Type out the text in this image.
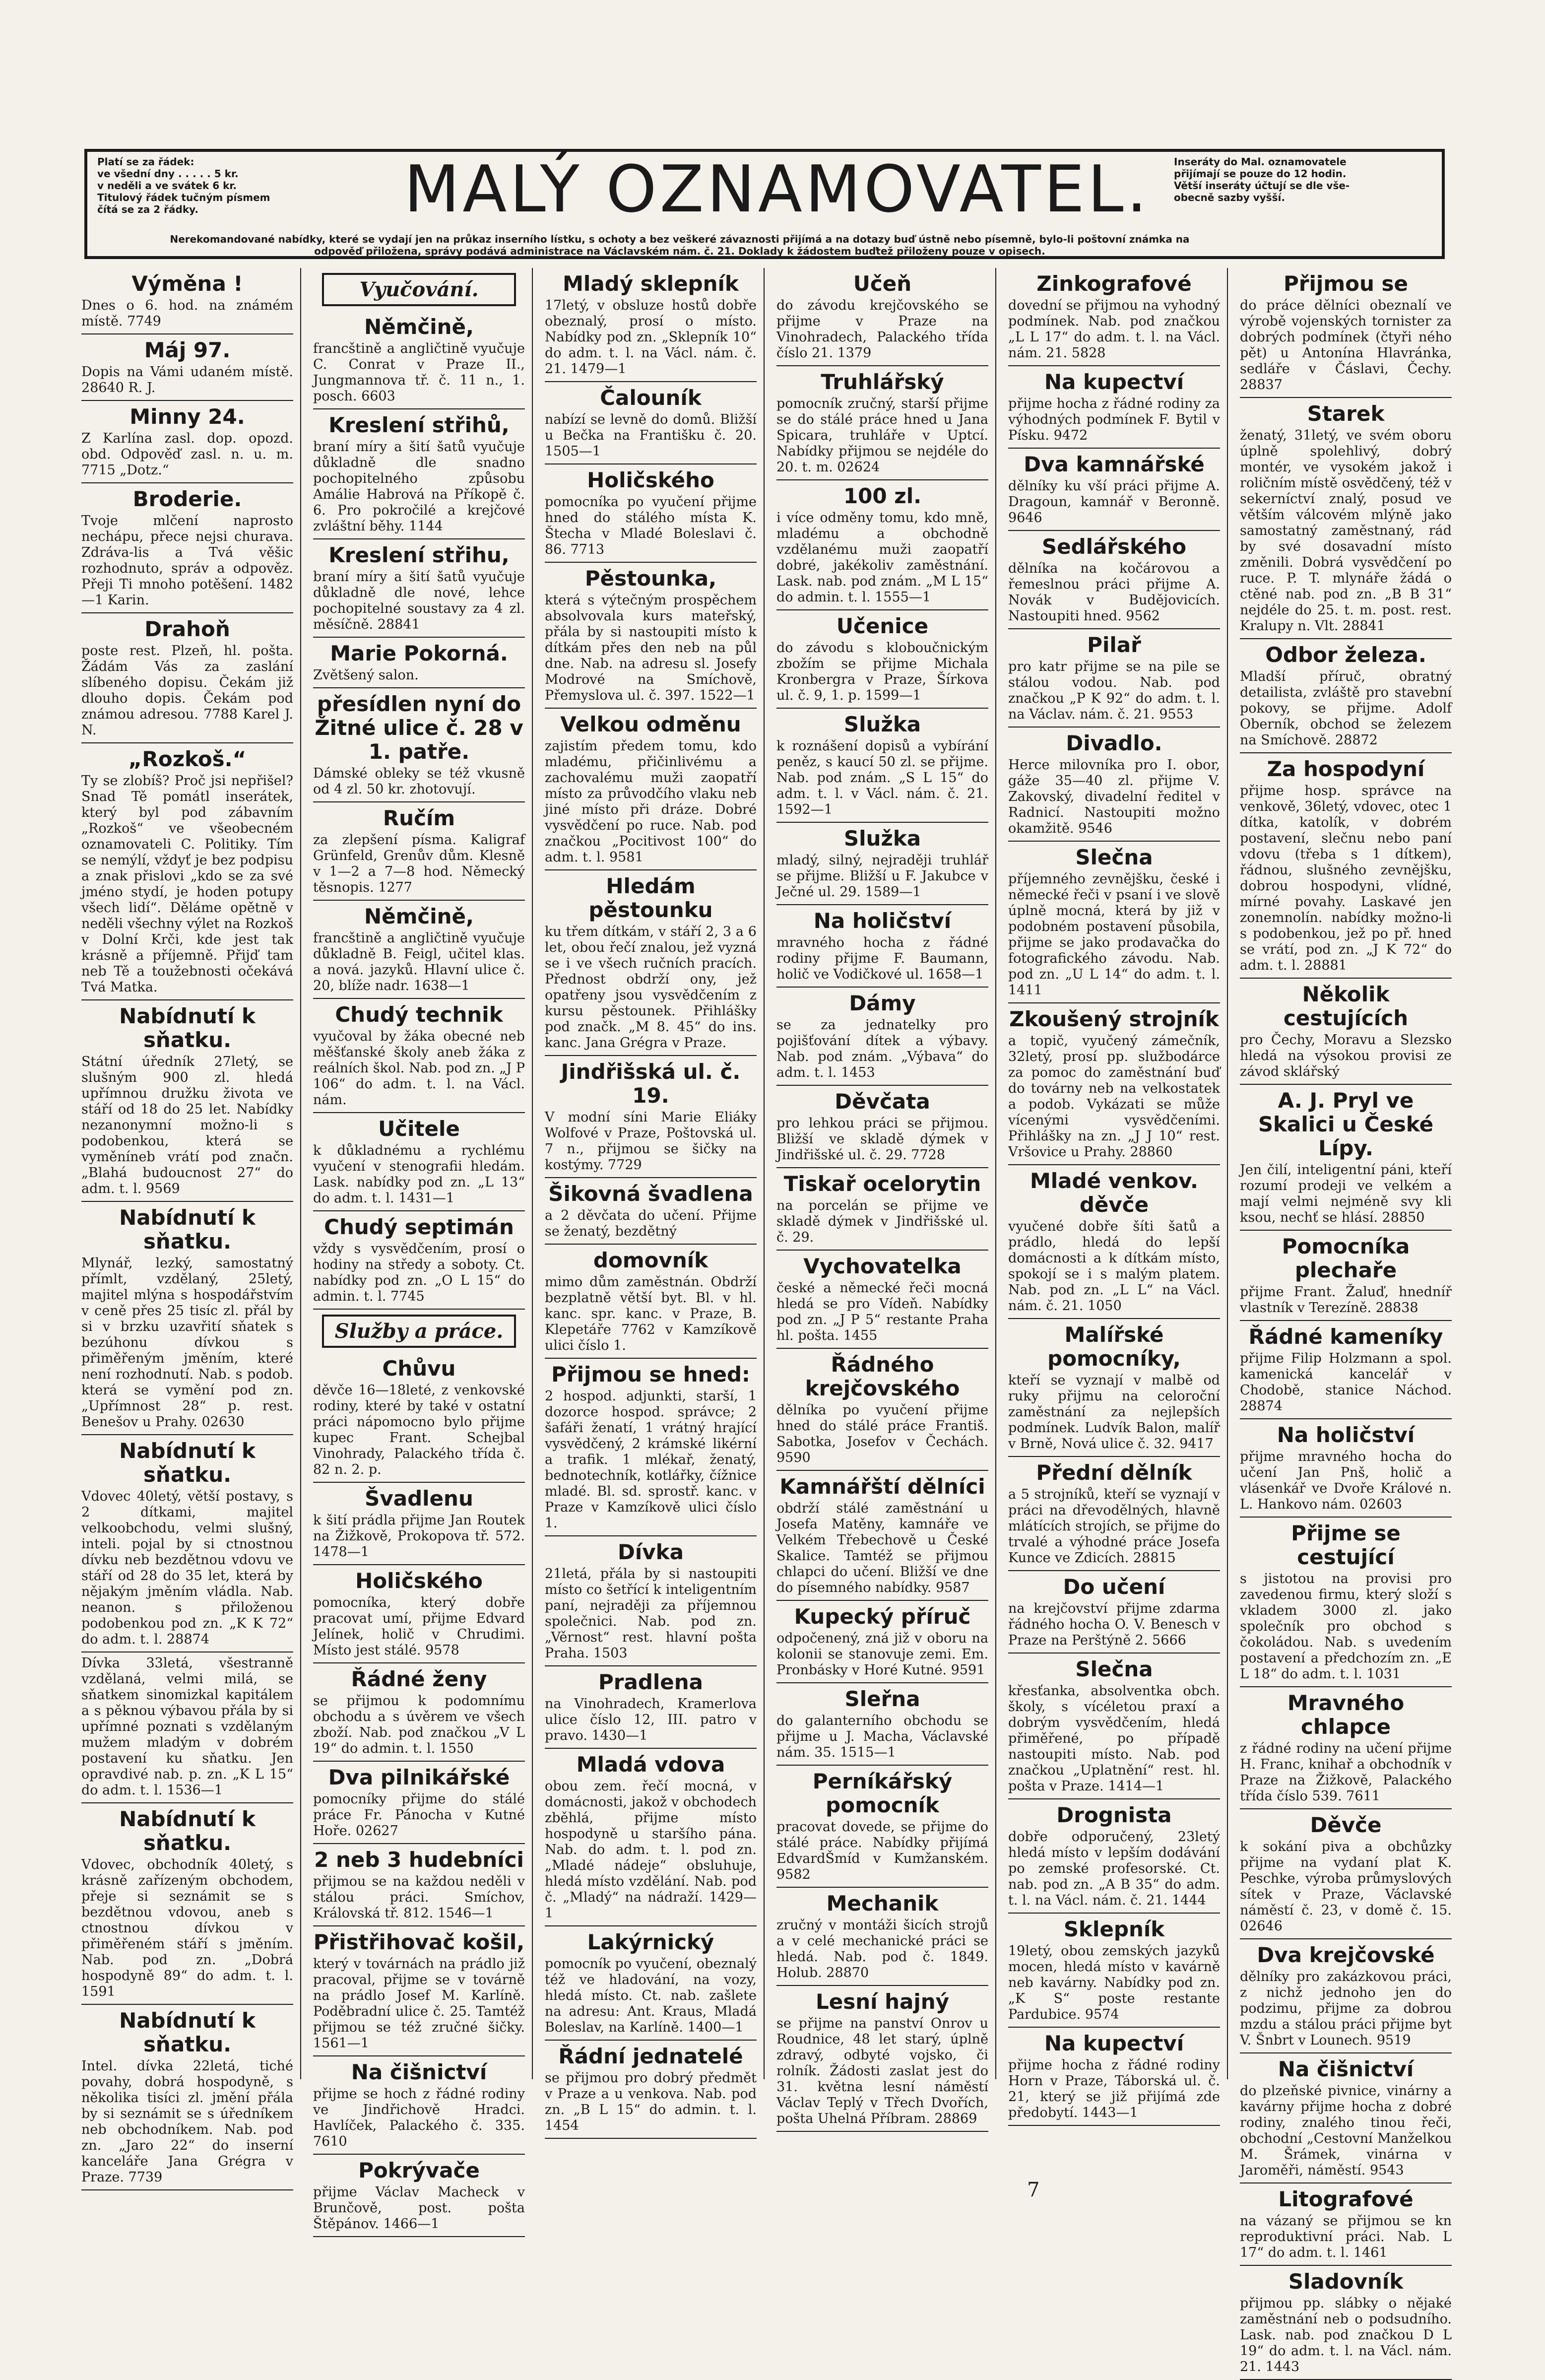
Platí se za řádek:
ve všední dny . . . . . 5 kr.
v neděli a ve svátek 6 kr.
Titulový řádek tučným písmem
čítá se za 2 řádky.	MALÝ OZNAMOVATEL.	Inseráty do Mal. oznamovatele
přijímají se pouze do 12 hodin.
Větší inseráty účtují se dle vše-
obecně sazby vyšší.

Nerekomandované nabídky, které se vydají jen na průkaz inserního lístku, s ochoty a bez veškeré závaznosti přijímá a na dotazy buď ústně nebo písemně, bylo-li poštovní známka na

odpověď přiložena, správy podává administrace na Václavském nám. č. 21. Doklady k žádostem buďtež přiloženy pouze v opisech.

Výměna !

Dnes o 6. hod. na známém místě. 7749

Máj 97.

Dopis na Vámi udaném místě. 28640 R. J.

Minny 24.

Z Karlína zasl. dop. opozd. obd. Odpověď zasl. n. u. m. 7715 „Dotz.“

Broderie.

Tvoje mlčení naprosto nechápu, přece nejsi churava. Zdráva-lis a Tvá věšic rozhodnuto, správ a odpověz. Přeji Ti mnoho potěšení. 1482—1 Karin.

Drahoň

poste rest. Plzeň, hl. pošta. Žádám Vás za zaslání slíbeného dopisu. Čekám již dlouho dopis. Čekám pod známou adresou. 7788 Karel J. N.

„Rozkoš.“

Ty se zlobíš? Proč jsi nepřišel? Snad Tě pomátl inserátek, který byl pod zábavním „Rozkoš“ ve všeobecném oznamovateli C. Politiky. Tím se nemýlí, vždyť je bez podpisu a znak přislovi „kdo se za své jméno stydí, je hoden potupy všech lidí“. Děláme opětně v neděli všechny výlet na Rozkoš v Dolní Krči, kde jest tak krásně a příjemně. Přijď tam neb Tě a toužebnosti očekává Tvá Matka.

Nabídnutí k sňatku.

Státní úředník 27letý, se slušným 900 zl. hledá upřímnou družku života ve stáří od 18 do 25 let. Nabídky nezanonymní možno-li s podobenkou, která se vyměníneb vrátí pod značn. „Blahá budoucnost 27“ do adm. t. l. 9569

Nabídnutí k sňatku.

Mlynář, lezký, samostatný přímlt, vzdělaný, 25letý, majitel mlýna s hospodářstvím v ceně přes 25 tisíc zl. přál by si v brzku uzavřití sňatek s bezúhonu dívkou s přiměřeným jměním, které není rozhodnutí. Nab. s podob. která se vymění pod zn. „Upřímnost 28“ p. rest. Benešov u Prahy. 02630

Nabídnutí k sňatku.

Vdovec 40letý, větší postavy, s 2 dítkami, majitel velkoobchodu, velmi slušný, inteli. pojal by si ctnostnou dívku neb bezdětnou vdovu ve stáří od 28 do 35 let, která by nějakým jměním vládla. Nab. neanon. s přiloženou podobenkou pod zn. „K K 72“ do adm. t. l. 28874

Dívka 33letá, všestranně vzdělaná, velmi milá, se sňatkem sinomizkal kapitálem a s pěknou výbavou přála by si upřímné poznati s vzdělaným mužem mladým v dobrém postavení ku sňatku. Jen opravdivé nab. p. zn. „K L 15“ do adm. t. l. 1536—1

Nabídnutí k sňatku.

Vdovec, obchodník 40letý, s krásně zařízeným obchodem, přeje si seznámit se s bezdětnou vdovou, aneb s ctnostnou dívkou v přiměřeném stáří s jměním. Nab. pod zn. „Dobrá hospodyně 89“ do adm. t. l. 1591

Nabídnutí k sňatku.

Intel. dívka 22letá, tiché povahy, dobrá hospodyně, s několika tisíci zl. jmění přála by si seznámit se s úředníkem neb obchodníkem. Nab. pod zn. „Jaro 22“ do inserní kanceláře Jana Grégra v Praze. 7739

Vyučování.
Němčině,

francštině a angličtině vyučuje C. Conrat v Praze II., Jungmannova tř. č. 11 n., 1. posch. 6603

Kreslení střihů,

braní míry a šití šatů vyučuje důkladně dle snadno pochopitelného způsobu Amálie Habrová na Příkopě č. 6. Pro pokročilé a krejčové zvláštní běhy. 1144

Kreslení střihu,

braní míry a šití šatů vyučuje důkladně dle nové, lehce pochopitelné soustavy za 4 zl. měsíčně. 28841

Marie Pokorná.

Zvětšený salon.

přesídlen nyní do Žitné ulice č. 28 v 1. patře.

Dámské obleky se též vkusně od 4 zl. 50 kr. zhotovují.

Ručím

za zlepšení písma. Kaligraf Grünfeld, Grenův dům. Klesně v 1—2 a 7—8 hod. Německý těsnopis. 1277

Němčině,

francštině a angličtině vyučuje důkladně B. Feigl, učitel klas. a nová. jazyků. Hlavní ulice č. 20, blíže nadr. 1638—1

Chudý technik

vyučoval by žáka obecné neb měšťanské školy aneb žáka z reálních škol. Nab. pod zn. „J P 106“ do adm. t. l. na Václ. nám.

Učitele

k důkladnému a rychlému vyučení v stenografii hledám. Lask. nabídky pod zn. „L 13“ do adm. t. l. 1431—1

Chudý septimán

vždy s vysvědčením, prosí o hodiny na středy a soboty. Ct. nabídky pod zn. „O L 15“ do admin. t. l. 7745

Služby a práce.
Chůvu

děvče 16—18leté, z venkovské rodiny, které by také v ostatní práci nápomocno bylo přijme kupec Frant. Schejbal Vinohrady, Palackého třída č. 82 n. 2. p.

Švadlenu

k šití prádla přijme Jan Routek na Žižkově, Prokopova tř. 572. 1478—1

Holičského

pomocníka, který dobře pracovat umí, přijme Edvard Jelínek, holič v Chrudimi. Místo jest stálé. 9578

Řádné ženy

se přijmou k podomnímu obchodu a s úvěrem ve všech zboží. Nab. pod značkou „V L 19“ do admin. t. l. 1550

Dva pilnikářské

pomocníky přijme do stálé práce Fr. Pánocha v Kutné Hoře. 02627

2 neb 3 hudebníci

přijmou se na každou neděli v stálou práci. Smíchov, Královská tř. 812. 1546—1

Přistřihovač košil,

který v továrnách na prádlo již pracoval, přijme se v továrně na prádlo Josef M. Karlíně. Poděbradní ulice č. 25. Tamtéž přijmou se též zručné šičky. 1561—1

Na čišnictví

přijme se hoch z řádné rodiny ve Jindřichově Hradci. Havlíček, Palackého č. 335. 7610

Pokrývače

přijme Václav Macheck v Brunčově, post. pošta Štěpánov. 1466—1

Mladý sklepník

17letý, v obsluze hostů dobře obeznalý, prosí o místo. Nabídky pod zn. „Sklepník 10“ do adm. t. l. na Václ. nám. č. 21. 1479—1

Čalouník

nabízí se levně do domů. Bližší u Bečka na Františku č. 20. 1505—1

Holičského

pomocníka po vyučení přijme hned do stálého místa K. Štecha v Mladé Boleslavi č. 86. 7713

Pěstounka,

která s výtečným prospěchem absolvovala kurs mateřský, přála by si nastoupiti místo k dítkám přes den neb na půl dne. Nab. na adresu sl. Josefy Modrové na Smíchově, Přemyslova ul. č. 397. 1522—1

Velkou odměnu

zajistím předem tomu, kdo mladému, přičinlivému a zachovalému muži zaopatří místo za průvodčího vlaku neb jiné místo při dráze. Dobré vysvědčení po ruce. Nab. pod značkou „Pocitivost 100“ do adm. t. l. 9581

Hledám pěstounku

ku třem dítkám, v stáří 2, 3 a 6 let, obou řečí znalou, jež vyzná se i ve všech ručních pracích. Přednost obdrží ony, jež opatřeny jsou vysvědčením z kursu pěstounek. Přihlášky pod značk. „M 8. 45“ do ins. kanc. Jana Grégra v Praze.

Jindřišská ul. č. 19.

V modní síni Marie Eliáky Wolfové v Praze, Poštovská ul. 7 n., přijmou se šičky na kostýmy. 7729

Šikovná švadlena

a 2 děvčata do učení. Přijme se ženatý, bezdětný

domovník

mimo dům zaměstnán. Obdrží bezplatně větší byt. Bl. v hl. kanc. spr. kanc. v Praze, B. Klepetáře 7762 v Kamzíkově ulici číslo 1.

Přijmou se hned:

2 hospod. adjunkti, starší, 1 dozorce hospod. správce; 2 šafáři ženatí, 1 vrátný hrající vysvědčený, 2 krámské likérní a trafik. 1 mlékař, ženatý, bednotechník, kotlářky, čížnice mladé. Bl. sd. sprostř. kanc. v Praze v Kamzíkově ulici číslo 1.

Dívka

21letá, přála by si nastoupiti místo co šetřící k inteligentním paní, nejraději za příjemnou společnici. Nab. pod zn. „Věrnost“ rest. hlavní pošta Praha. 1503

Pradlena

na Vinohradech, Kramerlova ulice číslo 12, III. patro v pravo. 1430—1

Mladá vdova

obou zem. řečí mocná, v domácnosti, jakož v obchodech zběhlá, přijme místo hospodyně u staršího pána. Nab. do adm. t. l. pod zn. „Mladé nádeje“ obsluhuje, hledá místo vzdělání. Nab. pod č. „Mladý“ na nádraží. 1429—1

Lakýrnický

pomocník po vyučení, obeznalý též ve hladování, na vozy, hledá místo. Ct. nab. zašlete na adresu: Ant. Kraus, Mladá Boleslav, na Karlíně. 1400—1

Řádní jednatelé

se přijmou pro dobrý předmět v Praze a u venkova. Nab. pod zn. „B L 15“ do admin. t. l. 1454

Učeň

do závodu krejčovského se přijme v Praze na Vinohradech, Palackého třída číslo 21. 1379

Truhlářský

pomocník zručný, starší přijme se do stálé práce hned u Jana Spicara, truhláře v Uptcí. Nabídky přijmou se nejdéle do 20. t. m. 02624

100 zl.

i více odměny tomu, kdo mně, mladému a obchodně vzdělanému muži zaopatří dobré, jakékoliv zaměstnání. Lask. nab. pod znám. „M L 15“ do admin. t. l. 1555—1

Učenice

do závodu s kloboučnickým zbožím se přijme Michala Kronbergra v Praze, Šírkova ul. č. 9, 1. p. 1599—1

Služka

k roznášení dopisů a vybírání peněz, s kaucí 50 zl. se přijme. Nab. pod znám. „S L 15“ do adm. t. l. v Václ. nám. č. 21. 1592—1

Služka

mladý, silný, nejraději truhlář se přijme. Bližší u F. Jakubce v Ječné ul. 29. 1589—1

Na holičství

mravného hocha z řádné rodiny přijme F. Baumann, holič ve Vodičkové ul. 1658—1

Dámy

se za jednatelky pro pojišťování dítek a výbavy. Nab. pod znám. „Výbava“ do adm. t. l. 1453

Děvčata

pro lehkou práci se přijmou. Bližší ve skladě dýmek v Jindřišské ul. č. 29. 7728

Tiskař ocelorytin

na porcelán se přijme ve skladě dýmek v Jindřišské ul. č. 29.

Vychovatelka

české a německé řeči mocná hledá se pro Vídeň. Nabídky pod zn. „J P 5“ restante Praha hl. pošta. 1455

Řádného krejčovského

dělníka po vyučení přijme hned do stálé práce Františ. Sabotka, Josefov v Čechách. 9590

Kamnářští dělníci

obdrží stálé zaměstnání u Josefa Matěny, kamnáře ve Velkém Třebechově u České Skalice. Tamtéž se přijmou chlapci do učení. Bližší ve dne do písemného nabídky. 9587

Kupecký příruč

odpočenený, zná již v oboru na kolonii se stanovuje zemi. Em. Pronbásky v Horé Kutné. 9591

Sleřna

do galanterního obchodu se přijme u J. Macha, Václavské nám. 35. 1515—1

Perníkářský pomocník

pracovat dovede, se přijme do stálé práce. Nabídky přijímá EdvardŠmíd v Kumžanském. 9582

Mechanik

zručný v montáži šicích strojů a v celé mechanické práci se hledá. Nab. pod č. 1849. Holub. 28870

Lesní hajný

se přijme na panství Onrov u Roudnice, 48 let starý, úplně zdravý, odbyté vojsko, či rolník. Žádosti zaslat jest do 31. května lesní náměstí Václav Teplý v Třech Dvořích, pošta Uhelná Příbram. 28869

Zinkografové

dovední se přijmou na vyhodný podmínek. Nab. pod značkou „L L 17“ do adm. t. l. na Václ. nám. 21. 5828

Na kupectví

přijme hocha z řádné rodiny za výhodných podmínek F. Bytil v Písku. 9472

Dva kamnářské

dělníky ku vší práci přijme A. Dragoun, kamnář v Beronně. 9646

Sedlářského

dělníka na kočárovou a řemeslnou práci přijme A. Novák v Budějovicích. Nastoupiti hned. 9562

Pilař

pro katr přijme se na pile se stálou vodou. Nab. pod značkou „P K 92“ do adm. t. l. na Václav. nám. č. 21. 9553

Divadlo.

Herce milovníka pro I. obor, gáže 35—40 zl. přijme V. Zakovský, divadelní ředitel v Radnicí. Nastoupiti možno okamžitě. 9546

Slečna

příjemného zevnějšku, české i německé řeči v psaní i ve slově úplně mocná, která by již v podobném postavení působila, přijme se jako prodavačka do fotografického závodu. Nab. pod zn. „U L 14“ do adm. t. l. 1411

Zkoušený strojník

a topič, vyučený zámečník, 32letý, prosí pp. službodárce za pomoc do zaměstnání buď do továrny neb na velkostatek a podob. Vykázati se může vícenými vysvědčeními. Přihlášky na zn. „J J 10“ rest. Vršovice u Prahy. 28860

Mladé venkov. děvče

vyučené dobře šíti šatů a prádlo, hledá do lepší domácnosti a k dítkám místo, spokojí se i s malým platem. Nab. pod zn. „L L“ na Václ. nám. č. 21. 1050

Malířské pomocníky,

kteří se vyznají v malbě od ruky přijmu na celoroční zaměstnání za nejlepších podmínek. Ludvík Balon, malíř v Brně, Nová ulice č. 32. 9417

Přední dělník

a 5 strojníků, kteří se vyznají v práci na dřevodělných, hlavně mlátících strojích, se přijme do trvalé a výhodné práce Josefa Kunce ve Zdicích. 28815

Do učení

na krejčovství přijme zdarma řádného hocha O. V. Benesch v Praze na Perštýně 2. 5666

Slečna

křesťanka, absolventka obch. školy, s vícéletou praxí a dobrým vysvědčením, hledá přiměřené, po případě nastoupiti místo. Nab. pod značkou „Uplatnění“ rest. hl. pošta v Praze. 1414—1

Drognista

dobře odporučený, 23letý hledá místo v lepším dodávání po zemské profesorské. Ct. nab. pod zn. „A B 35“ do adm. t. l. na Václ. nám. č. 21. 1444

Sklepník

19letý, obou zemských jazyků mocen, hledá místo v kavárně neb kavárny. Nabídky pod zn. „K S“ poste restante Pardubice. 9574

Na kupectví

přijme hocha z řádné rodiny Horn v Praze, Táborská ul. č. 21, který se již přijímá zde předobytí. 1443—1

Přijmou se

do práce dělníci obeznalí ve výrobě vojenských tornister za dobrých podmínek (čtyři ného pět) u Antonína Hlavránka, sedláře v Čáslavi, Čechy. 28837

Starek

ženatý, 31letý, ve svém oboru úplně spolehlivý, dobrý montér, ve vysokém jakož i roličním místě osvědčený, též v sekerníctví znalý, posud ve větším válcovém mlýně jako samostatný zaměstnaný, rád by své dosavadní místo změnili. Dobrá vysvědčení po ruce. P. T. mlynáře žádá o ctěné nab. pod zn. „B B 31“ nejdéle do 25. t. m. post. rest. Kralupy n. Vlt. 28841

Odbor železa.

Mladší příruč, obratný detailista, zvláště pro stavební pokovy, se přijme. Adolf Oberník, obchod se železem na Smíchově. 28872

Za hospodyní

přijme hosp. správce na venkově, 36letý, vdovec, otec 1 dítka, katolík, v dobrém postavení, slečnu nebo paní vdovu (třeba s 1 dítkem), řádnou, slušného zevnějšku, dobrou hospodyni, vlídné, mírné povahy. Laskavé jen zonemnolín. nabídky možno-li s podobenkou, jež po př. hned se vrátí, pod zn. „J K 72“ do adm. t. l. 28881

Několik cestujících

pro Čechy, Moravu a Slezsko hledá na výsokou provisi ze závod sklářský

A. J. Pryl ve Skalici u České Lípy.

Jen čilí, inteligentní páni, kteří rozumí prodeji ve velkém a mají velmi nejméně svy kli ksou, nechť se hlásí. 28850

Pomocníka plechaře

přijme Frant. Žaluď, hnedníř vlastník v Terezíně. 28838

Řádné kameníky

přijme Filip Holzmann a spol. kamenická kancelář v Chodobě, stanice Náchod. 28874

Na holičství

přijme mravného hocha do učení Jan Pnš, holič a vlásenkář ve Dvoře Králové n. L. Hankovo nám. 02603

Přijme se cestující

s jistotou na provisi pro zavedenou firmu, který složí s vkladem 3000 zl. jako společník pro obchod s čokoládou. Nab. s uvedením postavení a předchozím zn. „E L 18“ do adm. t. l. 1031

Mravného chlapce

z řádné rodiny na učení přijme H. Franc, knihař a obchodník v Praze na Žižkově, Palackého třída číslo 539. 7611

Děvče

k sokání piva a obchůzky přijme na vydaní plat K. Peschke, výroba průmyslových sítek v Praze, Václavské náměstí č. 23, v domě č. 15. 02646

Dva krejčovské

dělníky pro zakázkovou práci, z nichž jednoho jen do podzimu, přijme za dobrou mzdu a stálou práci přijme byt V. Šnbrt v Lounech. 9519

Na čišnictví

do plzeňské pivnice, vinárny a kavárny přijme hocha z dobré rodiny, znalého tinou řeči, obchodní „Cestovní Manželkou M. Šrámek, vinárna v Jaroměři, náměstí. 9543

Litografové

na vázaný se přijmou se kn reproduktivní práci. Nab. L 17“ do adm. t. l. 1461

Sladovník

přijmou pp. slábky o nějaké zaměstnání neb o podsudního. Lask. nab. pod značkou D L 19“ do adm. t. l. na Václ. nám. 21. 1443

7
